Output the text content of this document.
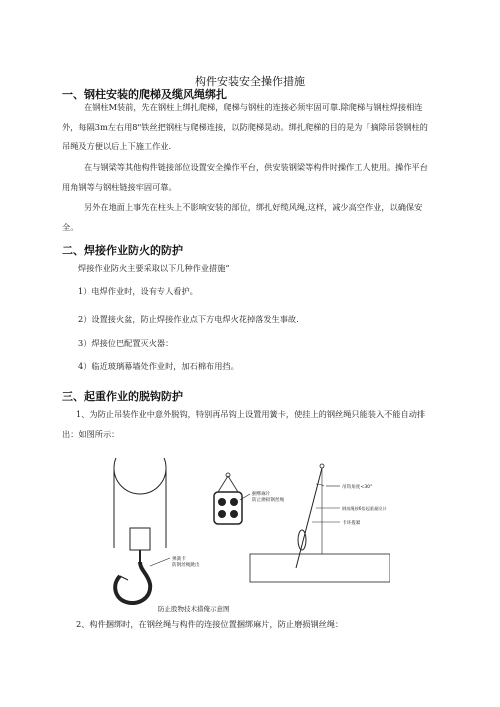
构件安装安全操作措施
一、钢柱安装的爬梯及缆风绳绑扎
在钢柱M装前，先在钢柱上绑扎爬梯，爬梯与钢柱的连接必须牢固可靠.除爬梯与钢柱焊接相连外，每隔3m左右用8"铁丝把钢柱与爬梯连接，以防爬梯晃动。绑扎爬梯的目的是为「摘除吊袋钢柱的吊绳及方便以后上下施工作业.
在与钢梁等其他构件链接部位设置安全操作平台，供安装钢梁等构件时操作工人使用。操作平台用角钢等与钢柱链接牢固可靠。
另外在地面上事先在柱头上不影响安装的部位，绑扎好缆风绳,这样，减少高空作业，以确保安全。
二、焊接作业防火的防护
焊接作业防火主要采取以下几种作业措施“
1）电焊作业时，设有专人看护。
2）设置接火盆，防止焊接作业点下方电焊火花掉落发生事故.
3）焊接位巴配置灭火器：
4）临近玻璃幕墙处作业时，加石棉布用挡。
三、起重作业的脱钩防护
1、为防止吊装作业中意外脱钩，特别再吊钩上设置用簧卡，使挂上的钢丝绳只能装入不能自动排出：如图所示：
弹簧卡防钢丝绳跳出
捆绑麻片防止磨损钢丝绳
吊钩角度<30°
钢丝绳按6倍起重量设计
卡环拨紧
防止股物技术措俺示意图
2、构件捆绑时，在钢丝绳与构件的连接位置捆绑麻片，防止磨损钢丝绳：
